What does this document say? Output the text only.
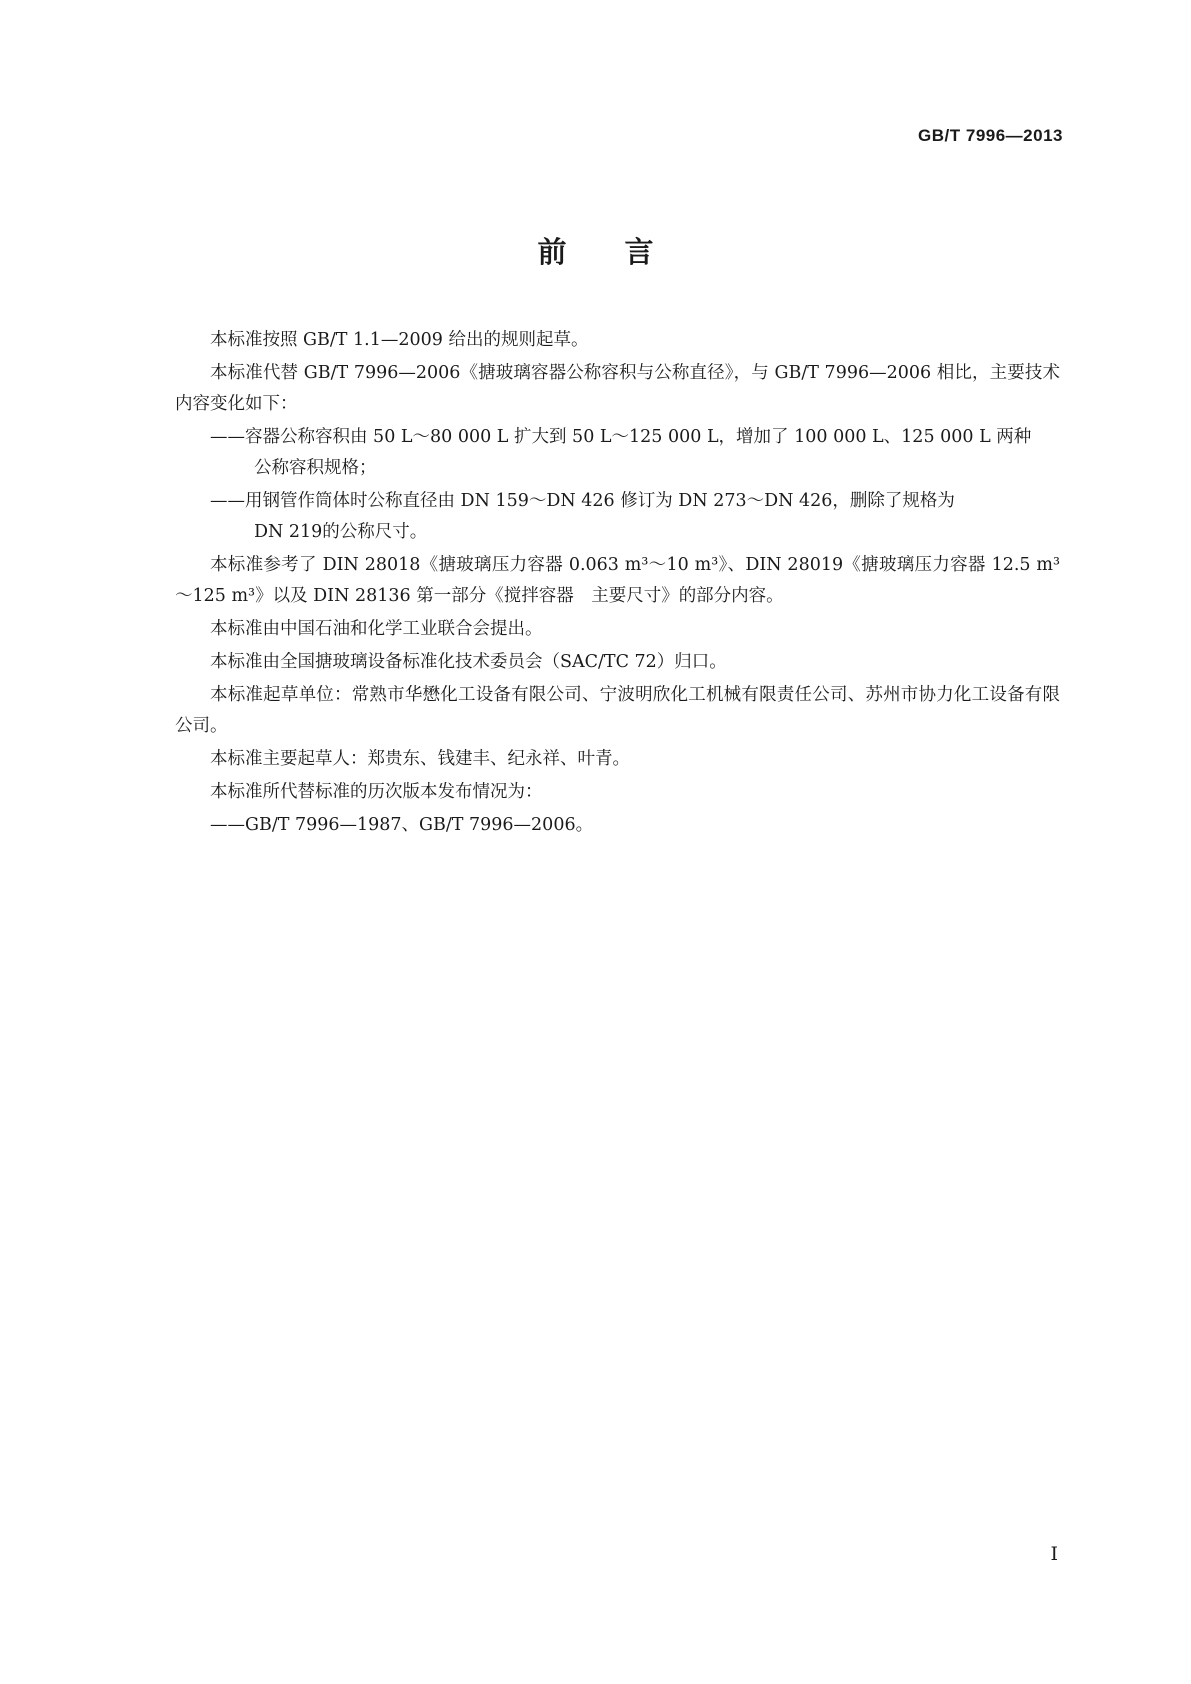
GB/T 7996—2013
前 言
本标准按照 GB/T 1.1—2009 给出的规则起草。
本标准代替 GB/T 7996—2006《搪玻璃容器公称容积与公称直径》，与 GB/T 7996—2006 相比，主要技术内容变化如下：
——容器公称容积由 50 L～80 000 L 扩大到 50 L～125 000 L，增加了 100 000 L、125 000 L 两种
公称容积规格；
——用钢管作筒体时公称直径由 DN 159～DN 426 修订为 DN 273～DN 426，删除了规格为
DN 219的公称尺寸。
本标准参考了 DIN 28018《搪玻璃压力容器 0.063 m³～10 m³》、DIN 28019《搪玻璃压力容器 12.5 m³～125 m³》以及 DIN 28136 第一部分《搅拌容器　主要尺寸》的部分内容。
本标准由中国石油和化学工业联合会提出。
本标准由全国搪玻璃设备标准化技术委员会（SAC/TC 72）归口。
本标准起草单位：常熟市华懋化工设备有限公司、宁波明欣化工机械有限责任公司、苏州市协力化工设备有限公司。
本标准主要起草人：郑贵东、钱建丰、纪永祥、叶青。
本标准所代替标准的历次版本发布情况为：
——GB/T 7996—1987、GB/T 7996—2006。
I
